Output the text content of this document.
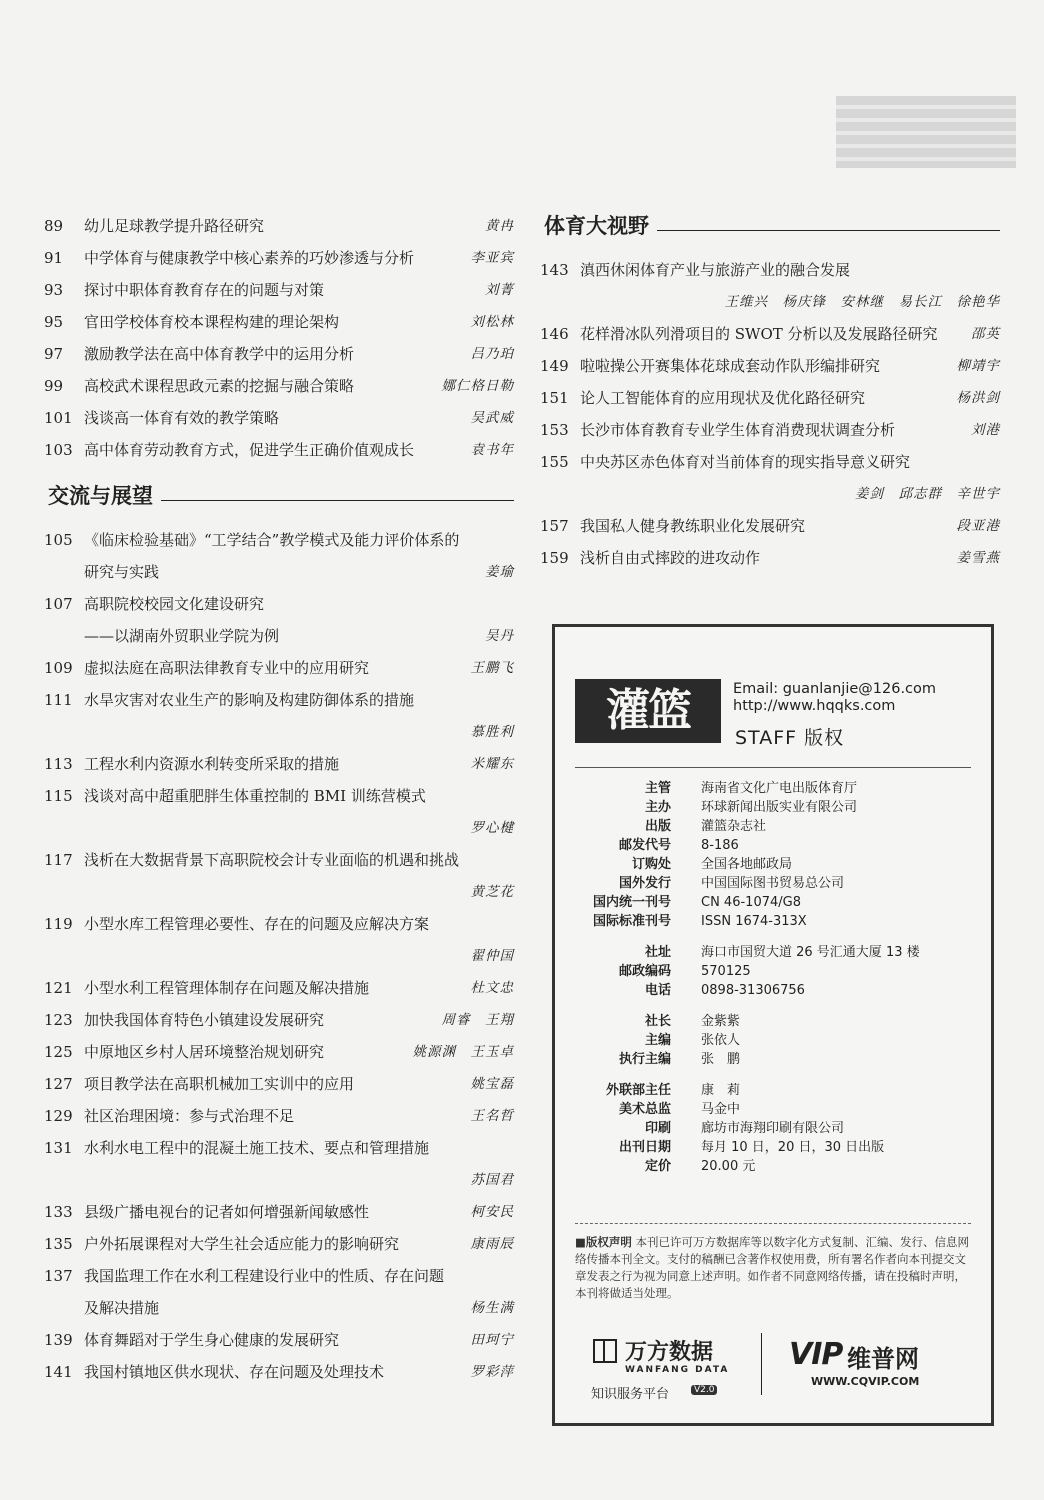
89	幼儿足球教学提升路径研究	黄冉
91	中学体育与健康教学中核心素养的巧妙渗透与分析	李亚宾
93	探讨中职体育教育存在的问题与对策	刘菁
95	官田学校体育校本课程构建的理论架构	刘松林
97	激励教学法在高中体育教学中的运用分析	吕乃珀
99	高校武术课程思政元素的挖掘与融合策略	娜仁格日勒
101 浅谈高一体育有效的教学策略	吴武威
103 高中体育劳动教育方式，促进学生正确价值观成长	袁书年
交流与展望
105 《临床检验基础》“工学结合”教学模式及能力评价体系的
研究与实践	姜瑜
107 高职院校校园文化建设研究
——以湖南外贸职业学院为例	吴丹
109 虚拟法庭在高职法律教育专业中的应用研究	王鹏飞
111 水旱灾害对农业生产的影响及构建防御体系的措施
慕胜利
113 工程水利内资源水利转变所采取的措施	米耀东
115 浅谈对高中超重肥胖生体重控制的 BMI 训练营模式
罗心楗
117 浅析在大数据背景下高职院校会计专业面临的机遇和挑战
黄芝花
119 小型水库工程管理必要性、存在的问题及应解决方案
翟仲国
121 小型水利工程管理体制存在问题及解决措施	杜文忠
123 加快我国体育特色小镇建设发展研究	周睿　王翔
125 中原地区乡村人居环境整治规划研究	姚源渊　王玉卓
127 项目教学法在高职机械加工实训中的应用	姚宝磊
129 社区治理困境：参与式治理不足	王名哲
131 水利水电工程中的混凝土施工技术、要点和管理措施
苏国君
133 县级广播电视台的记者如何增强新闻敏感性	柯安民
135 户外拓展课程对大学生社会适应能力的影响研究	康雨辰
137 我国监理工作在水利工程建设行业中的性质、存在问题
及解决措施	杨生满
139 体育舞蹈对于学生身心健康的发展研究	田珂宁
141 我国村镇地区供水现状、存在问题及处理技术	罗彩萍
体育大视野
143 滇西休闲体育产业与旅游产业的融合发展
王维兴　杨庆锋　安林继　易长江　徐艳华
146 花样滑冰队列滑项目的 SWOT 分析以及发展路径研究 邵英
149 啦啦操公开赛集体花球成套动作队形编排研究	柳靖宇
151 论人工智能体育的应用现状及优化路径研究	杨洪剑
153 长沙市体育教育专业学生体育消费现状调查分析	刘港
155 中央苏区赤色体育对当前体育的现实指导意义研究
姜剑　邱志群　辛世宇
157 我国私人健身教练职业化发展研究	段亚港
159 浅析自由式摔跤的进攻动作	姜雪燕
灌篮	Email: guanlanjie@126.com
http://www.hqqks.com
STAFF 版权
主管 海南省文化广电出版体育厅
主办 环球新闻出版实业有限公司
出版 灌篮杂志社
邮发代号 8-186
订购处 全国各地邮政局
国外发行 中国国际图书贸易总公司
国内统一刊号 CN 46-1074/G8
国际标准刊号 ISSN 1674-313X
社址 海口市国贸大道 26 号汇通大厦 13 楼
邮政编码 570125
电话 0898-31306756
社长 金紫紫
主编 张依人
执行主编 张　鹏
外联部主任 康　莉
美术总监 马金中
印刷 廊坊市海翔印刷有限公司
出刊日期 每月 10 日，20 日，30 日出版
定价 20.00 元
■版权声明 本刊已许可万方数据库等以数字化方式复制、汇编、发行、信息网络传播本刊全文。支付的稿酬已含著作权使用费，所有署名作者向本刊提交文章发表之行为视为同意上述声明。如作者不同意网络传播，请在投稿时声明，本刊将做适当处理。
万方数据
WANFANG DATA
知识服务平台	V2.0
VIP 维普网
WWW.CQVIP.COM
